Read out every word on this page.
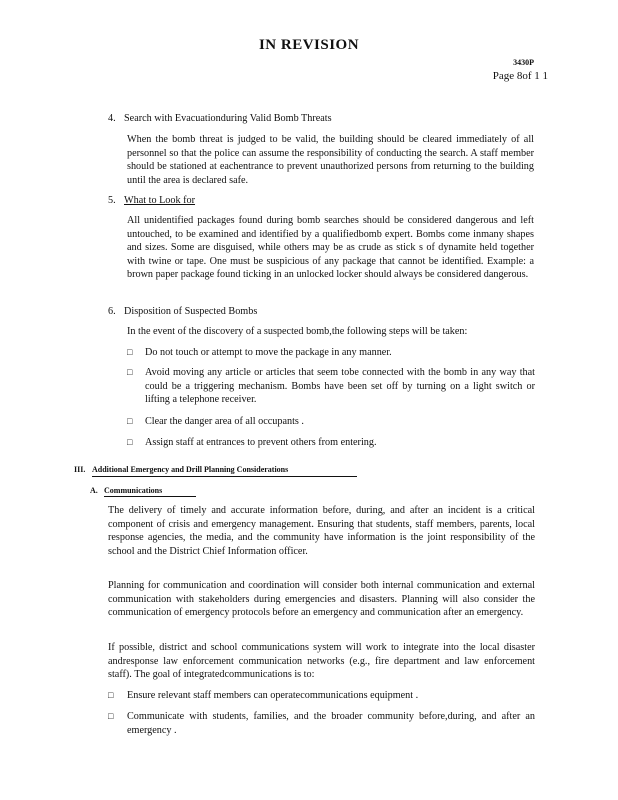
IN REVISION
3430P
Page 8of 1 1
4. Search with Evacuationduring Valid Bomb Threats
When the bomb threat is judged to be valid, the building should be cleared immediately of all personnel so that the police can assume the responsibility of conducting the search. A staff member should be stationed at eachentrance to prevent unauthorized persons from returning to the building until the area is declared safe.
5. What to Look for
All unidentified packages found during bomb searches should be considered dangerous and left untouched, to be examined and identified by a qualifiedbomb expert. Bombs come inmany shapes and sizes. Some are disguised, while others may be as crude as stick s of dynamite held together with twine or tape. One must be suspicious of any package that cannot be identified. Example: a brown paper package found ticking in an unlocked locker should always be considered dangerous.
6. Disposition of Suspected Bombs
In the event of the discovery of a suspected bomb,the following steps will be taken:
□ Do not touch or attempt to move the package in any manner.
□ Avoid moving any article or articles that seem tobe connected with the bomb in any way that could be a triggering mechanism. Bombs have been set off by turning on a light switch or lifting a telephone receiver.
□ Clear the danger area of all occupants .
□ Assign staff at entrances to prevent others from entering.
III. Additional Emergency and Drill Planning Considerations
A. Communications
The delivery of timely and accurate information before, during, and after an incident is a critical component of crisis and emergency management. Ensuring that students, staff members, parents, local response agencies, the media, and the community have information is the joint responsibility of the school and the District Chief Information officer.
Planning for communication and coordination will consider both internal communication and external communication with stakeholders during emergencies and disasters. Planning will also consider the communication of emergency protocols before an emergency and communication after an emergency.
If possible, district and school communications system will work to integrate into the local disaster andresponse law enforcement communication networks (e.g., fire department and law enforcement staff). The goal of integratedcommunications is to:
□ Ensure relevant staff members can operatecommunications equipment .
□ Communicate with students, families, and the broader community before,during, and after an emergency .
